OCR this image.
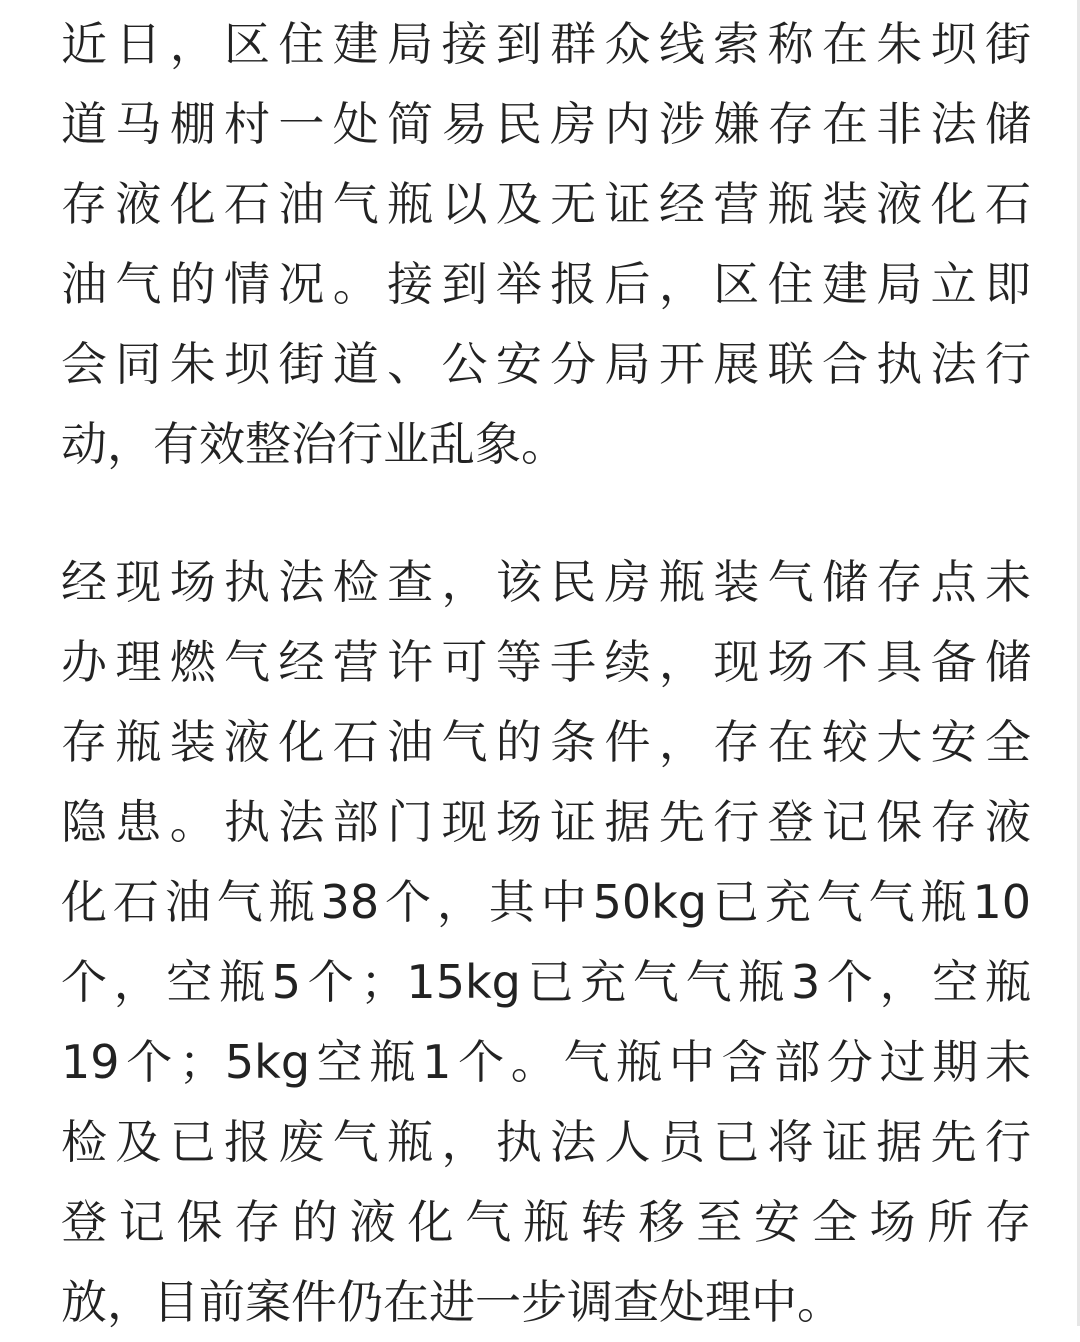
近日，区住建局接到群众线索称在朱坝街
道马棚村一处简易民房内涉嫌存在非法储
存液化石油气瓶以及无证经营瓶装液化石
油气的情况。接到举报后，区住建局立即
会同朱坝街道、公安分局开展联合执法行
动，有效整治行业乱象。

经现场执法检查，该民房瓶装气储存点未
办理燃气经营许可等手续，现场不具备储
存瓶装液化石油气的条件，存在较大安全
隐患。执法部门现场证据先行登记保存液
化石油气瓶38个，其中50kg已充气气瓶10
个，空瓶5个；15kg已充气气瓶3个，空瓶
19个；5kg空瓶1个。气瓶中含部分过期未
检及已报废气瓶，执法人员已将证据先行
登记保存的液化气瓶转移至安全场所存
放，目前案件仍在进一步调查处理中。
